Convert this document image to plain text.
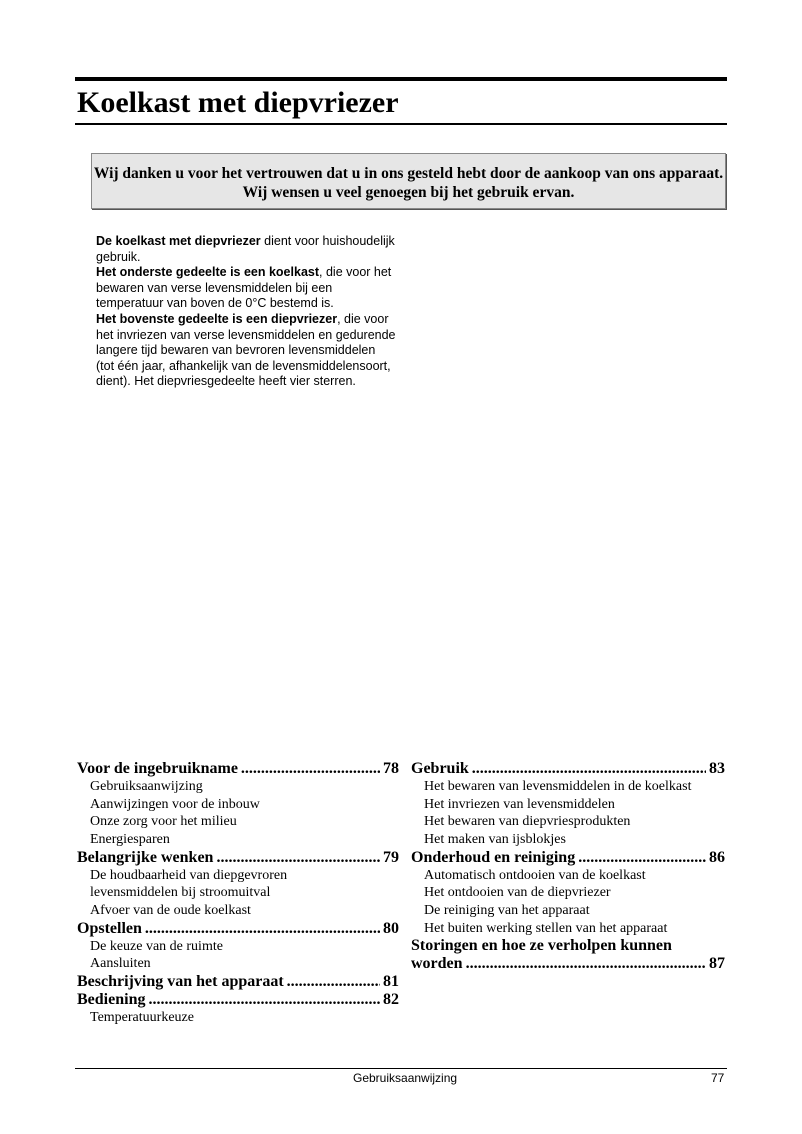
Koelkast met diepvriezer
Wij danken u voor het vertrouwen dat u in ons gesteld hebt door de aankoop van ons apparaat. Wij wensen u veel genoegen bij het gebruik ervan.

De koelkast met diepvriezer dient voor huishoudelijk gebruik.

Het onderste gedeelte is een koelkast, die voor het bewaren van verse levensmiddelen bij een temperatuur van boven de 0°C bestemd is.

Het bovenste gedeelte is een diepvriezer, die voor het invriezen van verse levensmiddelen en gedurende langere tijd bewaren van bevroren levensmiddelen (tot één jaar, afhankelijk van de levensmiddelensoort, dient). Het diepvriesgedeelte heeft vier sterren.

Voor de ingebruikname .....	78
Gebruiksaanwijzing
Aanwijzingen voor de inbouw
Onze zorg voor het milieu
Energiesparen
Belangrijke wenken .....	79
De houdbaarheid van diepgevroren
levensmiddelen bij stroomuitval
Afvoer van de oude koelkast
Opstellen .....	80
De keuze van de ruimte
Aansluiten
Beschrijving van het apparaat .....	81
Bediening .....	82
Temperatuurkeuze
Gebruik .....	83
Het bewaren van levensmiddelen in de koelkast
Het invriezen van levensmiddelen
Het bewaren van diepvriesprodukten
Het maken van ijsblokjes
Onderhoud en reiniging .....	86
Automatisch ontdooien van de koelkast
Het ontdooien van de diepvriezer
De reiniging van het apparaat
Het buiten werking stellen van het apparaat
Storingen en hoe ze verholpen kunnen
worden .....	87
Gebruiksaanwijzing	77
